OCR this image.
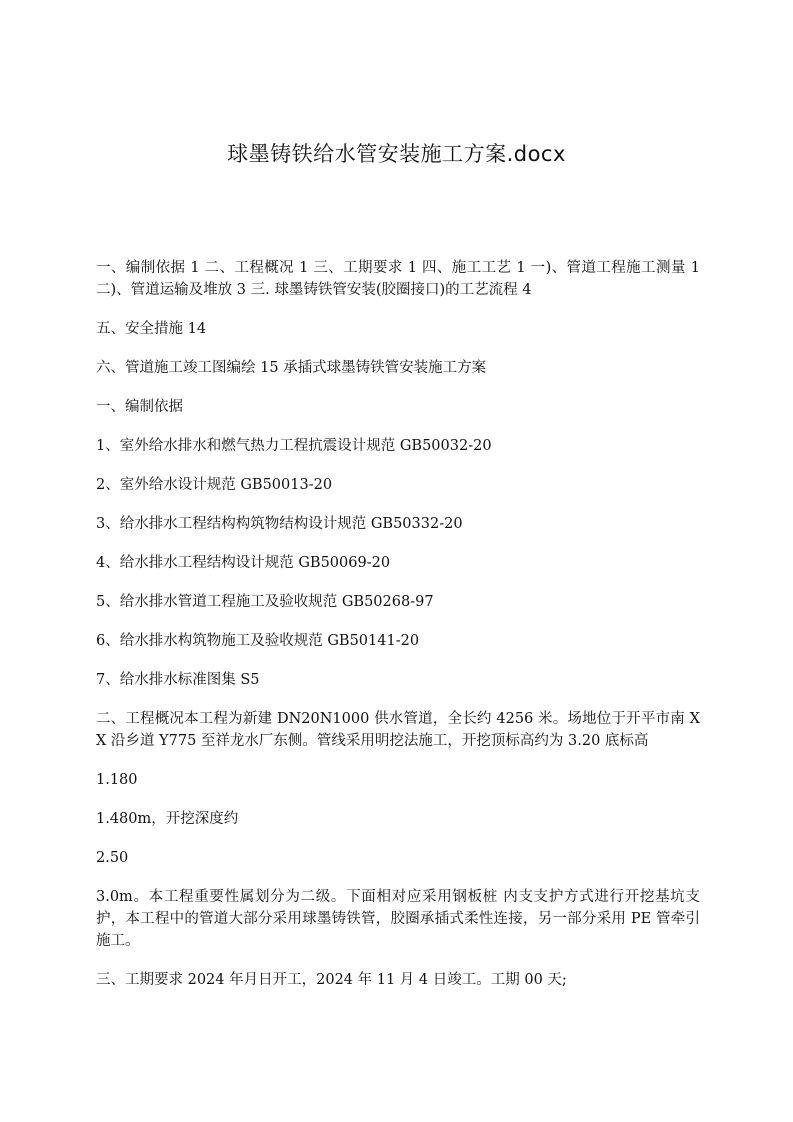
球墨铸铁给水管安装施工方案.docx

一、编制依据 1 二、工程概况 1 三、工期要求 1 四、施工工艺 1 一)、管道工程施工测量 1 二)、管道运输及堆放 3 三. 球墨铸铁管安装(胶圈接口)的工艺流程 4

五、安全措施 14

六、管道施工竣工图编绘 15 承插式球墨铸铁管安装施工方案

一、编制依据

1、室外给水排水和燃气热力工程抗震设计规范 GB50032-20

2、室外给水设计规范 GB50013-20

3、给水排水工程结构构筑物结构设计规范 GB50332-20

4、给水排水工程结构设计规范 GB50069-20

5、给水排水管道工程施工及验收规范 GB50268-97

6、给水排水构筑物施工及验收规范 GB50141-20

7、给水排水标准图集 S5

二、工程概况本工程为新建 DN20N1000 供水管道，全长约 4256 米。场地位于开平市南 XX 沿乡道 Y775 至祥龙水厂东侧。管线采用明挖法施工，开挖顶标高约为 3.20 底标高

1.180

1.480m，开挖深度约

2.50

3.0m。本工程重要性属划分为二级。下面相对应采用钢板桩 内支支护方式进行开挖基坑支护，本工程中的管道大部分采用球墨铸铁管，胶圈承插式柔性连接，另一部分采用 PE 管牵引施工。

三、工期要求 2024 年月日开工，2024 年 11 月 4 日竣工。工期 00 天;
